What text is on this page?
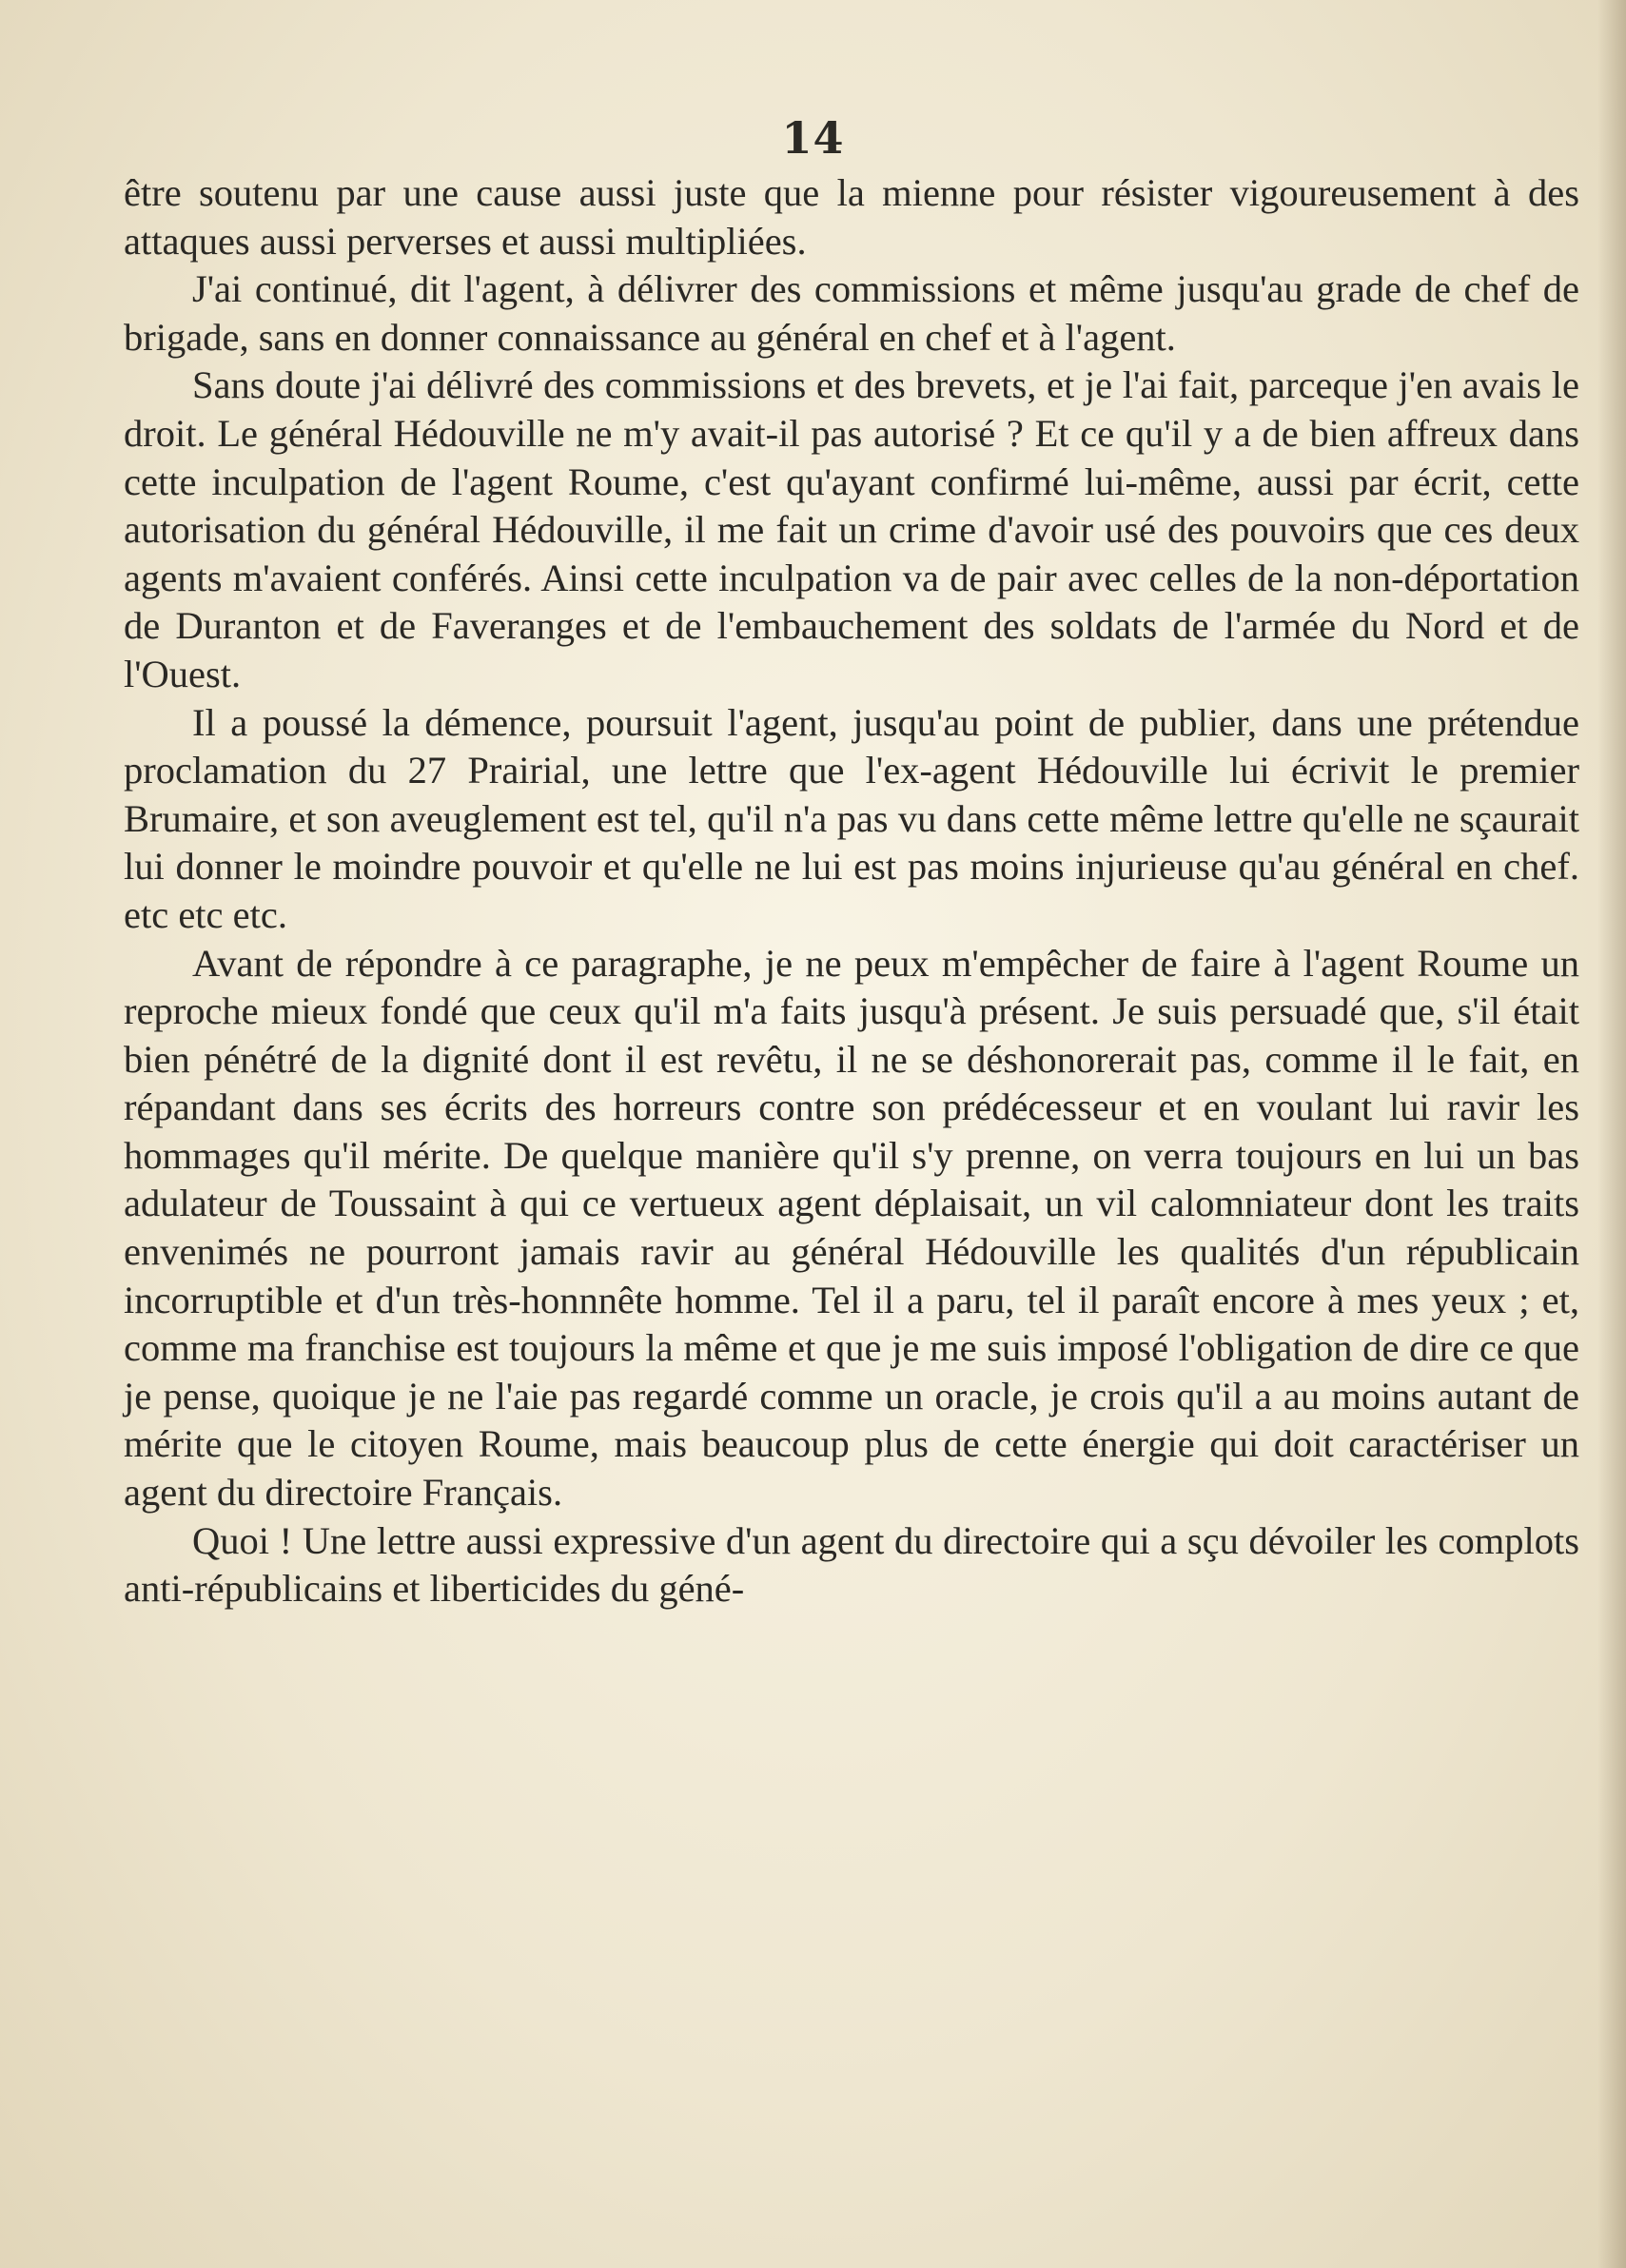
14

être soutenu par une cause aussi juste que la mienne pour résister vigoureusement à des attaques aussi perverses et aussi multipliées.

J'ai continué, dit l'agent, à délivrer des commissions et même jusqu'au grade de chef de brigade, sans en donner connaissance au général en chef et à l'agent.

Sans doute j'ai délivré des commissions et des brevets, et je l'ai fait, parceque j'en avais le droit. Le général Hédouville ne m'y avait-il pas autorisé ? Et ce qu'il y a de bien affreux dans cette inculpation de l'agent Roume, c'est qu'ayant confirmé lui-même, aussi par écrit, cette autorisation du général Hédouville, il me fait un crime d'avoir usé des pouvoirs que ces deux agents m'avaient conférés. Ainsi cette inculpation va de pair avec celles de la non-déportation de Duranton et de Faveranges et de l'embauchement des soldats de l'armée du Nord et de l'Ouest.

Il a poussé la démence, poursuit l'agent, jusqu'au point de publier, dans une prétendue proclamation du 27 Prairial, une lettre que l'ex-agent Hédouville lui écrivit le premier Brumaire, et son aveuglement est tel, qu'il n'a pas vu dans cette même lettre qu'elle ne sçaurait lui donner le moindre pouvoir et qu'elle ne lui est pas moins injurieuse qu'au général en chef. etc etc etc.

Avant de répondre à ce paragraphe, je ne peux m'empêcher de faire à l'agent Roume un reproche mieux fondé que ceux qu'il m'a faits jusqu'à présent. Je suis persuadé que, s'il était bien pénétré de la dignité dont il est revêtu, il ne se déshonorerait pas, comme il le fait, en répandant dans ses écrits des horreurs contre son prédécesseur et en voulant lui ravir les hommages qu'il mérite. De quelque manière qu'il s'y prenne, on verra toujours en lui un bas adulateur de Toussaint à qui ce vertueux agent déplaisait, un vil calomniateur dont les traits envenimés ne pourront jamais ravir au général Hédouville les qualités d'un républicain incorruptible et d'un très-honnnête homme. Tel il a paru, tel il paraît encore à mes yeux ; et, comme ma franchise est toujours la même et que je me suis imposé l'obligation de dire ce que je pense, quoique je ne l'aie pas regardé comme un oracle, je crois qu'il a au moins autant de mérite que le citoyen Roume, mais beaucoup plus de cette énergie qui doit caractériser un agent du directoire Français.

Quoi ! Une lettre aussi expressive d'un agent du directoire qui a sçu dévoiler les complots anti-républicains et liberticides du géné-
